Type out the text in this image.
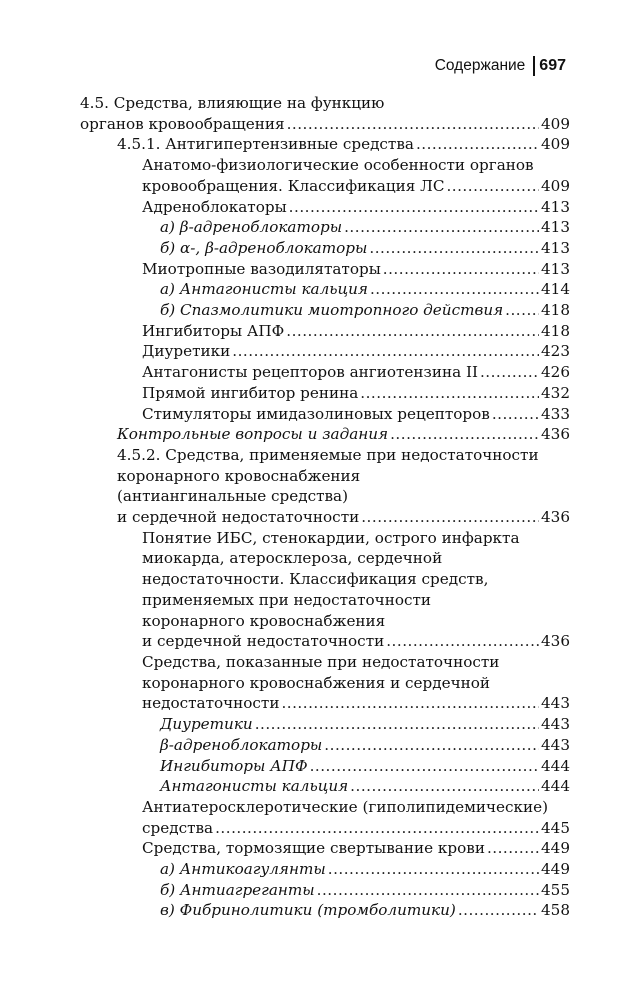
Содержание 697
4.5. Средства, влияющие на функцию
органов кровообращения .....	409
4.5.1. Антигипертензивные средства .....	409
Анатомо-физиологические особенности органов
кровообращения. Классификация ЛС .....	409
Адреноблокаторы .....	413
а) β-адреноблокаторы .....	413
б) α-, β-адреноблокаторы .....	413
Миотропные вазодилятаторы .....	413
а) Антагонисты кальция .....	414
б) Спазмолитики миотропного действия ..... 418
Ингибиторы АПФ .....	418
Диуретики .....	423
Антагонисты рецепторов ангиотензина II .....	426
Прямой ингибитор ренина .....	432
Стимуляторы имидазолиновых рецепторов .....	433
Контрольные вопросы и задания .....	436
4.5.2. Средства, применяемые при недостаточности
коронарного кровоснабжения
(антиангинальные средства)
и сердечной недостаточности .....	436
Понятие ИБС, стенокардии, острого инфаркта
миокарда, атеросклероза, сердечной
недостаточности. Классификация средств,
применяемых при недостаточности
коронарного кровоснабжения
и сердечной недостаточности .....	436
Средства, показанные при недостаточности
коронарного кровоснабжения и сердечной
недостаточности .....	443
Диуретики .....	443
β-адреноблокаторы .....	443
Ингибиторы АПФ .....	444
Антагонисты кальция .....	444
Антиатеросклеротические (гиполипидемические)
средства .....	445
Средства, тормозящие свертывание крови .....	449
а) Антикоагулянты .....	449
б) Антиагреганты .....	455
в) Фибринолитики (тромболитики) .....	458
